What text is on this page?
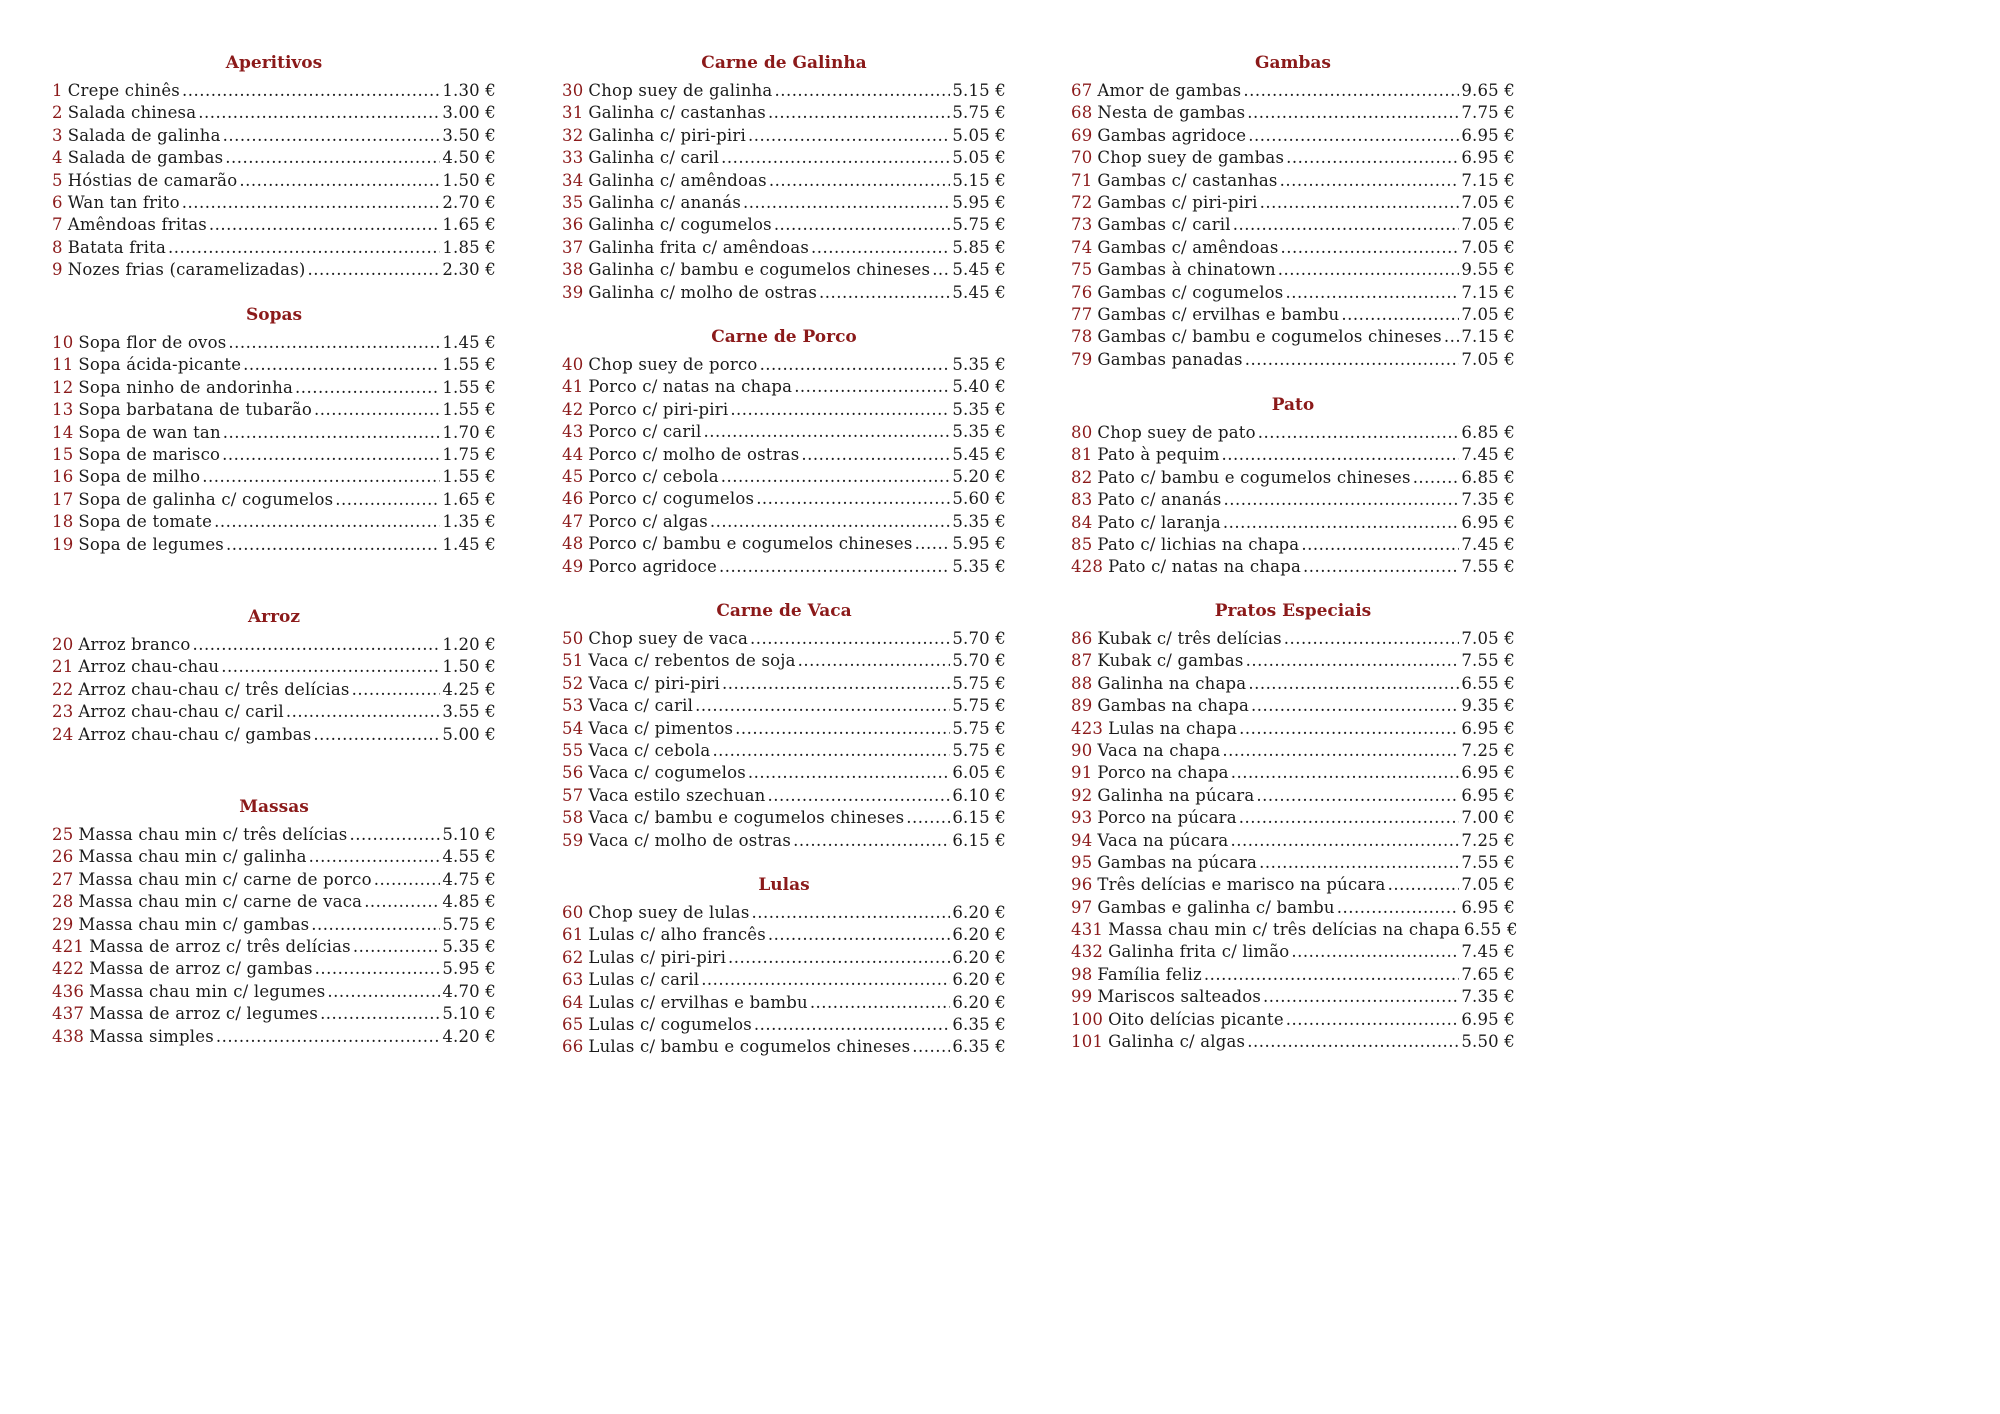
Aperitivos
1 Crepe chinês .....	1.30 €
2 Salada chinesa .....	3.00 €
3 Salada de galinha .....	3.50 €
4 Salada de gambas .....	4.50 €
5 Hóstias de camarão .....	1.50 €
6 Wan tan frito .....	2.70 €
7 Amêndoas fritas .....	1.65 €
8 Batata frita .....	1.85 €
9 Nozes frias (caramelizadas) .....	2.30 €
Sopas
10 Sopa flor de ovos .....	1.45 €
11 Sopa ácida-picante .....	1.55 €
12 Sopa ninho de andorinha .....	1.55 €
13 Sopa barbatana de tubarão .....	1.55 €
14 Sopa de wan tan .....	1.70 €
15 Sopa de marisco .....	1.75 €
16 Sopa de milho .....	1.55 €
17 Sopa de galinha c/ cogumelos .....	1.65 €
18 Sopa de tomate .....	1.35 €
19 Sopa de legumes .....	1.45 €
Arroz
20 Arroz branco .....	1.20 €
21 Arroz chau-chau .....	1.50 €
22 Arroz chau-chau c/ três delícias .....	4.25 €
23 Arroz chau-chau c/ caril .....	3.55 €
24 Arroz chau-chau c/ gambas .....	5.00 €
Massas
25 Massa chau min c/ três delícias .....	5.10 €
26 Massa chau min c/ galinha .....	4.55 €
27 Massa chau min c/ carne de porco .....	4.75 €
28 Massa chau min c/ carne de vaca .....	4.85 €
29 Massa chau min c/ gambas .....	5.75 €
421 Massa de arroz c/ três delícias .....	5.35 €
422 Massa de arroz c/ gambas .....	5.95 €
436 Massa chau min c/ legumes .....	4.70 €
437 Massa de arroz c/ legumes .....	5.10 €
438 Massa simples .....	4.20 €
Carne de Galinha
30 Chop suey de galinha .....	5.15 €
31 Galinha c/ castanhas .....	5.75 €
32 Galinha c/ piri-piri .....	5.05 €
33 Galinha c/ caril .....	5.05 €
34 Galinha c/ amêndoas .....	5.15 €
35 Galinha c/ ananás .....	5.95 €
36 Galinha c/ cogumelos .....	5.75 €
37 Galinha frita c/ amêndoas .....	5.85 €
38 Galinha c/ bambu e cogumelos chineses ..... 5.45 €
39 Galinha c/ molho de ostras .....	5.45 €
Carne de Porco
40 Chop suey de porco .....	5.35 €
41 Porco c/ natas na chapa .....	5.40 €
42 Porco c/ piri-piri .....	5.35 €
43 Porco c/ caril .....	5.35 €
44 Porco c/ molho de ostras .....	5.45 €
45 Porco c/ cebola .....	5.20 €
46 Porco c/ cogumelos .....	5.60 €
47 Porco c/ algas .....	5.35 €
48 Porco c/ bambu e cogumelos chineses ..... 5.95 €
49 Porco agridoce .....	5.35 €
Carne de Vaca
50 Chop suey de vaca .....	5.70 €
51 Vaca c/ rebentos de soja .....	5.70 €
52 Vaca c/ piri-piri .....	5.75 €
53 Vaca c/ caril .....	5.75 €
54 Vaca c/ pimentos .....	5.75 €
55 Vaca c/ cebola .....	5.75 €
56 Vaca c/ cogumelos .....	6.05 €
57 Vaca estilo szechuan .....	6.10 €
58 Vaca c/ bambu e cogumelos chineses .....	6.15 €
59 Vaca c/ molho de ostras .....	6.15 €
Lulas
60 Chop suey de lulas .....	6.20 €
61 Lulas c/ alho francês .....	6.20 €
62 Lulas c/ piri-piri .....	6.20 €
63 Lulas c/ caril .....	6.20 €
64 Lulas c/ ervilhas e bambu .....	6.20 €
65 Lulas c/ cogumelos .....	6.35 €
66 Lulas c/ bambu e cogumelos chineses .....	6.35 €
Gambas
67 Amor de gambas .....	9.65 €
68 Nesta de gambas .....	7.75 €
69 Gambas agridoce .....	6.95 €
70 Chop suey de gambas .....	6.95 €
71 Gambas c/ castanhas .....	7.15 €
72 Gambas c/ piri-piri .....	7.05 €
73 Gambas c/ caril .....	7.05 €
74 Gambas c/ amêndoas .....	7.05 €
75 Gambas à chinatown .....	9.55 €
76 Gambas c/ cogumelos .....	7.15 €
77 Gambas c/ ervilhas e bambu .....	7.05 €
78 Gambas c/ bambu e cogumelos chineses ..... 7.15 €
79 Gambas panadas .....	7.05 €
Pato
80 Chop suey de pato .....	6.85 €
81 Pato à pequim .....	7.45 €
82 Pato c/ bambu e cogumelos chineses .....	6.85 €
83 Pato c/ ananás .....	7.35 €
84 Pato c/ laranja .....	6.95 €
85 Pato c/ lichias na chapa .....	7.45 €
428 Pato c/ natas na chapa .....	7.55 €
Pratos Especiais
86 Kubak c/ três delícias .....	7.05 €
87 Kubak c/ gambas .....	7.55 €
88 Galinha na chapa .....	6.55 €
89 Gambas na chapa .....	9.35 €
423 Lulas na chapa .....	6.95 €
90 Vaca na chapa .....	7.25 €
91 Porco na chapa .....	6.95 €
92 Galinha na púcara .....	6.95 €
93 Porco na púcara .....	7.00 €
94 Vaca na púcara .....	7.25 €
95 Gambas na púcara .....	7.55 €
96 Três delícias e marisco na púcara .....	7.05 €
97 Gambas e galinha c/ bambu .....	6.95 €
431 Massa chau min c/ três delícias na chapa 6.55 €
432 Galinha frita c/ limão .....	7.45 €
98 Família feliz .....	7.65 €
99 Mariscos salteados .....	7.35 €
100 Oito delícias picante .....	6.95 €
101 Galinha c/ algas .....	5.50 €
